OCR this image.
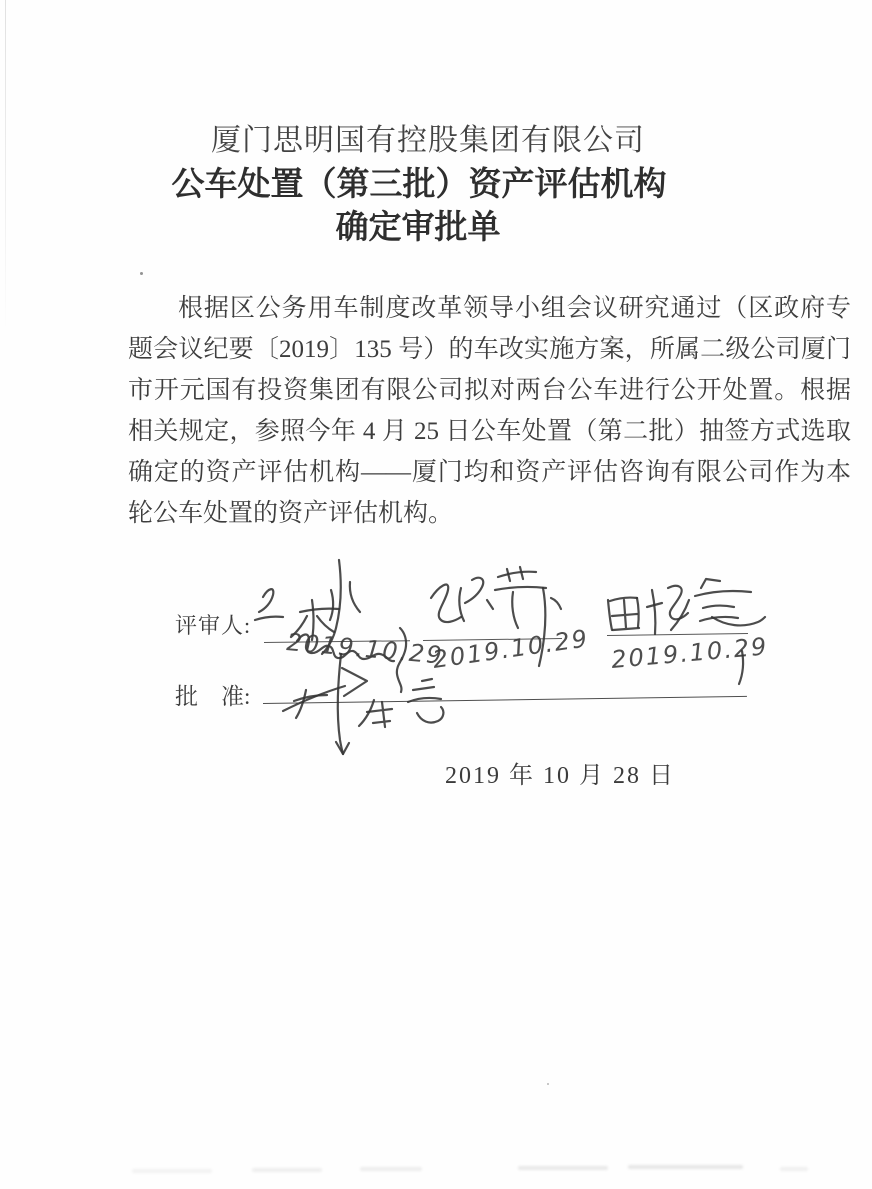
厦门思明国有控股集团有限公司
公车处置（第三批）资产评估机构
确定审批单
根据区公务用车制度改革领导小组会议研究通过（区政府专
题会议纪要〔2019〕135 号）的车改实施方案，所属二级公司厦门
市开元国有投资集团有限公司拟对两台公车进行公开处置。根据
相关规定，参照今年 4 月 25 日公车处置（第二批）抽签方式选取
确定的资产评估机构——厦门均和资产评估咨询有限公司作为本
轮公车处置的资产评估机构。
评审人:
批　准:
2019.10.29
2019.10.29 2019.10.29
2019 年 10 月 28 日
